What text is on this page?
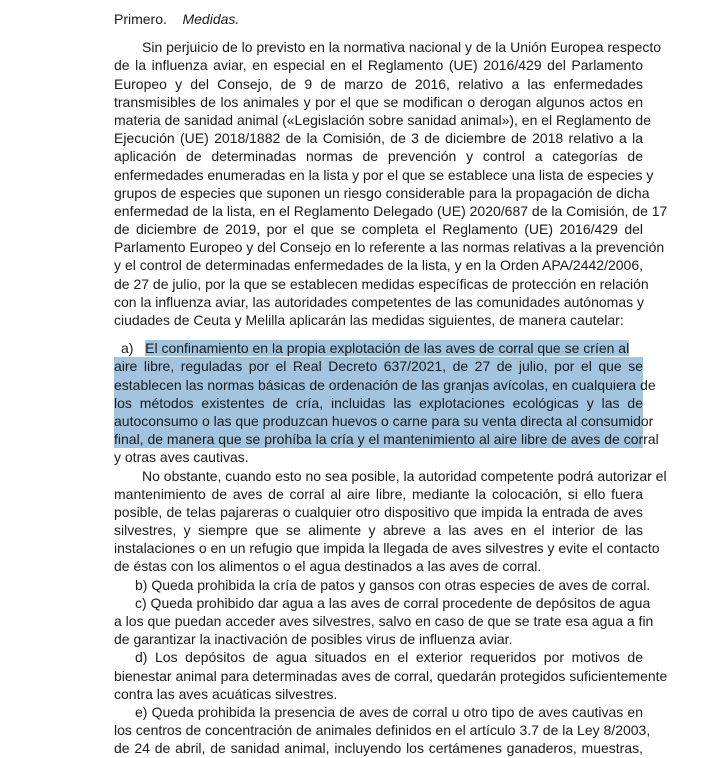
Primero. Medidas.
Sin perjuicio de lo previsto en la normativa nacional y de la Unión Europea respecto
de la influenza aviar, en especial en el Reglamento (UE) 2016/429 del Parlamento
Europeo y del Consejo, de 9 de marzo de 2016, relativo a las enfermedades
transmisibles de los animales y por el que se modifican o derogan algunos actos en
materia de sanidad animal («Legislación sobre sanidad animal»), en el Reglamento de
Ejecución (UE) 2018/1882 de la Comisión, de 3 de diciembre de 2018 relativo a la
aplicación de determinadas normas de prevención y control a categorías de
enfermedades enumeradas en la lista y por el que se establece una lista de especies y
grupos de especies que suponen un riesgo considerable para la propagación de dicha
enfermedad de la lista, en el Reglamento Delegado (UE) 2020/687 de la Comisión, de 17
de diciembre de 2019, por el que se completa el Reglamento (UE) 2016/429 del
Parlamento Europeo y del Consejo en lo referente a las normas relativas a la prevención
y el control de determinadas enfermedades de la lista, y en la Orden APA/2442/2006,
de 27 de julio, por la que se establecen medidas específicas de protección en relación
con la influenza aviar, las autoridades competentes de las comunidades autónomas y
ciudades de Ceuta y Melilla aplicarán las medidas siguientes, de manera cautelar:
a) El confinamiento en la propia explotación de las aves de corral que se críen al
aire libre, reguladas por el Real Decreto 637/2021, de 27 de julio, por el que se
establecen las normas básicas de ordenación de las granjas avícolas, en cualquiera de
los métodos existentes de cría, incluidas las explotaciones ecológicas y las de
autoconsumo o las que produzcan huevos o carne para su venta directa al consumidor
final, de manera que se prohíba la cría y el mantenimiento al aire libre de aves de corral
y otras aves cautivas.
No obstante, cuando esto no sea posible, la autoridad competente podrá autorizar el
mantenimiento de aves de corral al aire libre, mediante la colocación, si ello fuera
posible, de telas pajareras o cualquier otro dispositivo que impida la entrada de aves
silvestres, y siempre que se alimente y abreve a las aves en el interior de las
instalaciones o en un refugio que impida la llegada de aves silvestres y evite el contacto
de éstas con los alimentos o el agua destinados a las aves de corral.
b) Queda prohibida la cría de patos y gansos con otras especies de aves de corral.
c) Queda prohibido dar agua a las aves de corral procedente de depósitos de agua
a los que puedan acceder aves silvestres, salvo en caso de que se trate esa agua a fin
de garantizar la inactivación de posibles virus de influenza aviar.
d) Los depósitos de agua situados en el exterior requeridos por motivos de
bienestar animal para determinadas aves de corral, quedarán protegidos suficientemente
contra las aves acuáticas silvestres.
e) Queda prohibida la presencia de aves de corral u otro tipo de aves cautivas en
los centros de concentración de animales definidos en el artículo 3.7 de la Ley 8/2003,
de 24 de abril, de sanidad animal, incluyendo los certámenes ganaderos, muestras,
